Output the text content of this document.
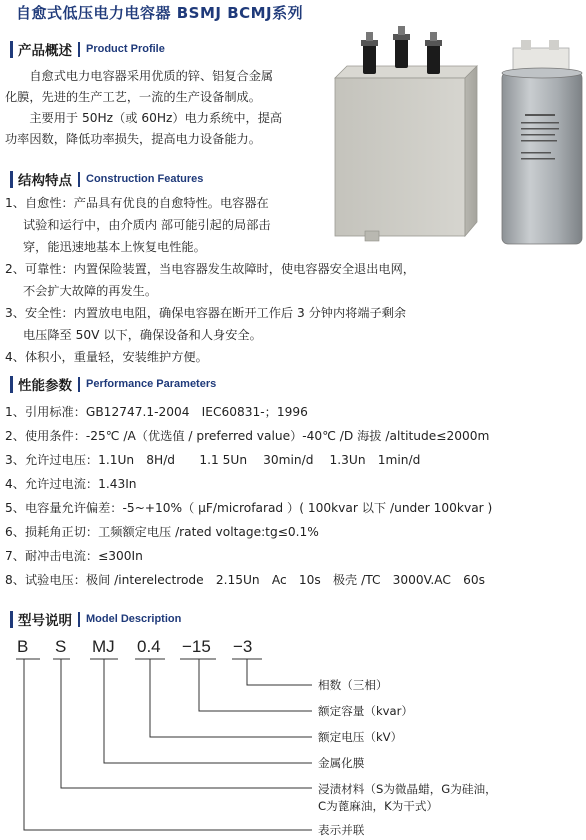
自愈式低压电力电容器 BSMJ BCMJ系列
产品概述 Product Profile
　　自愈式电力电容器采用优质的锌、铝复合金属
化膜，先进的生产工艺，一流的生产设备制成。
　　主要用于 50Hz（或 60Hz）电力系统中，提高
功率因数，降低功率损失，提高电力设备能力。
结构特点 Construction Features
1、自愈性：产品具有优良的自愈特性。电容器在
试验和运行中，由介质内 部可能引起的局部击
穿，能迅速地基本上恢复电性能。
2、可靠性：内置保险装置，当电容器发生故障时，使电容器安全退出电网，
不会扩大故障的再发生。
3、安全性：内置放电电阻，确保电容器在断开工作后 3 分钟内将端子剩余
电压降至 50V 以下，确保设备和人身安全。
4、体积小，重量轻，安装维护方便。
性能参数 Performance Parameters
1、引用标准：GB12747.1-2004　IEC60831-；1996
2、使用条件：-25℃ /A（优选值 / preferred value）-40℃ /D 海拔 /altitude≤2000m
3、允许过电压：1.1Un　8H/d　　1.1 5Un　 30min/d　 1.3Un　1min/d
4、允许过电流：1.43In
5、电容量允许偏差：-5~+10%（ μF/microfarad ）( 100kvar 以下 /under 100kvar )
6、损耗角正切：工频额定电压 /rated voltage:tg≤0.1%
7、耐冲击电流：≤300In
8、试验电压：极间 /interelectrode　2.15Un　Ac　10s　极壳 /TC　3000V.AC　60s
型号说明 Model Description
B S MJ 0.4 −15 −3
相数（三相）
额定容量（kvar）
额定电压（kV）
金属化膜
浸渍材料（S为微晶蜡，G为硅油，
C为蓖麻油，K为干式）
表示并联
